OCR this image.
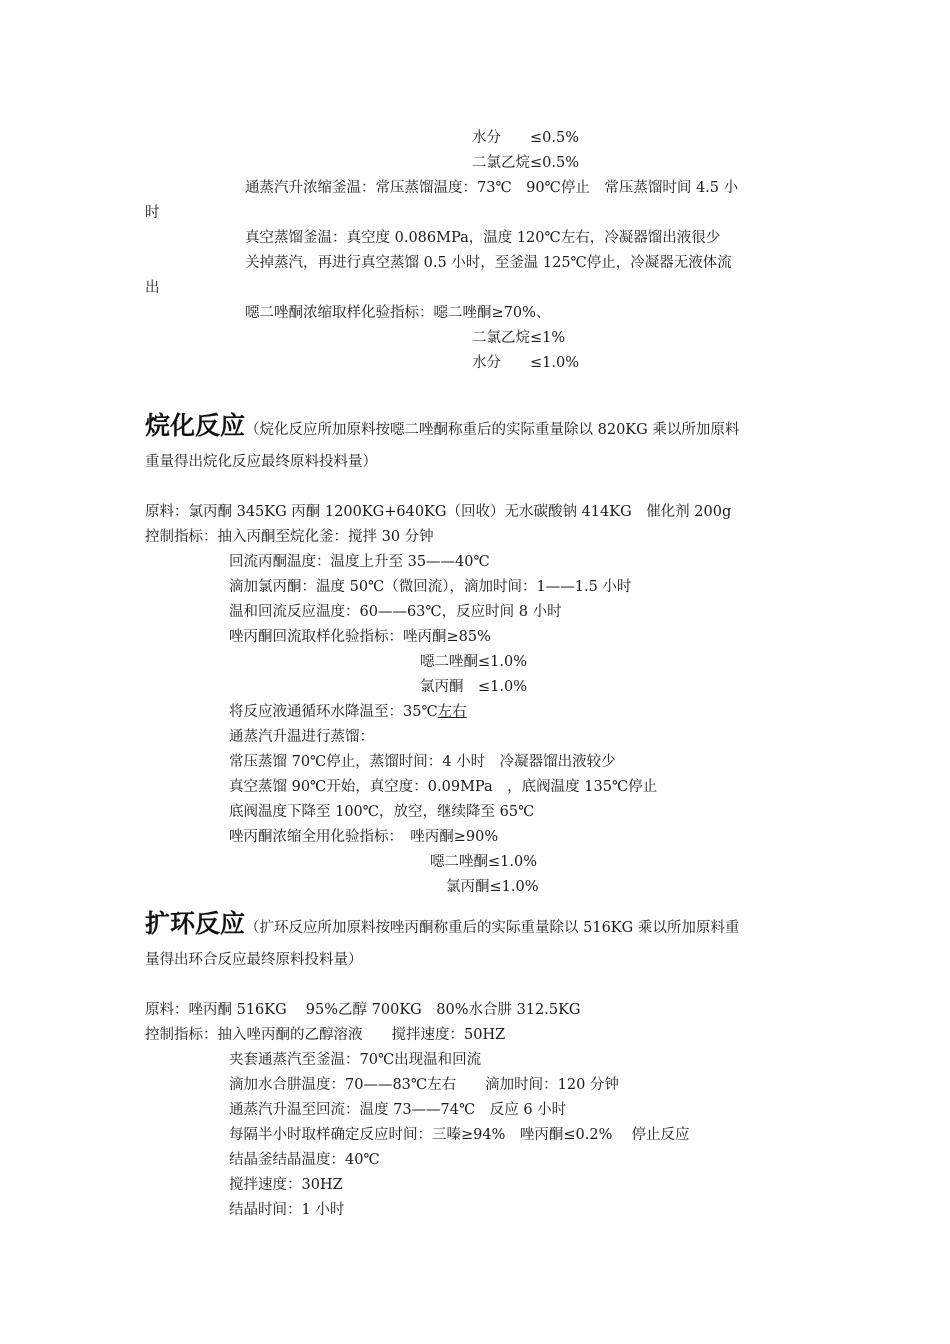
水分　　≤0.5%
二氯乙烷≤0.5%
通蒸汽升浓缩釜温：常压蒸馏温度：73℃　90℃停止　常压蒸馏时间 4.5 小
时
真空蒸馏釜温：真空度 0.086MPa，温度 120℃左右，冷凝器馏出液很少
关掉蒸汽，再进行真空蒸馏 0.5 小时，至釜温 125℃停止，冷凝器无液体流
出
噁二唑酮浓缩取样化验指标：噁二唑酮≥70%、
二氯乙烷≤1%
水分　　≤1.0%
烷化反应（烷化反应所加原料按噁二唑酮称重后的实际重量除以 820KG 乘以所加原料
重量得出烷化反应最终原料投料量）
原料：氯丙酮 345KG 丙酮 1200KG+640KG（回收）无水碳酸钠 414KG　催化剂 200g
控制指标：抽入丙酮至烷化釜：搅拌 30 分钟
回流丙酮温度：温度上升至 35——40℃
滴加氯丙酮：温度 50℃（微回流），滴加时间：1——1.5 小时
温和回流反应温度：60——63℃，反应时间 8 小时
唑丙酮回流取样化验指标：唑丙酮≥85%
噁二唑酮≤1.0%
氯丙酮　≤1.0%
将反应液通循环水降温至：35℃左右
通蒸汽升温进行蒸馏：
常压蒸馏 70℃停止，蒸馏时间：4 小时　冷凝器馏出液较少
真空蒸馏 90℃开始，真空度：0.09MPa　，底阀温度 135℃停止
底阀温度下降至 100℃，放空，继续降至 65℃
唑丙酮浓缩全用化验指标：　唑丙酮≥90%
噁二唑酮≤1.0%
氯丙酮≤1.0%
扩环反应（扩环反应所加原料按唑丙酮称重后的实际重量除以 516KG 乘以所加原料重
量得出环合反应最终原料投料量）
原料：唑丙酮 516KG　 95%乙醇 700KG　80%水合肼 312.5KG
控制指标：抽入唑丙酮的乙醇溶液　　搅拌速度：50HZ
夹套通蒸汽至釜温：70℃出现温和回流
滴加水合肼温度：70——83℃左右　　滴加时间：120 分钟
通蒸汽升温至回流：温度 73——74℃　反应 6 小时
每隔半小时取样确定反应时间：三嗪≥94%　唑丙酮≤0.2%　 停止反应
结晶釜结晶温度：40℃
搅拌速度：30HZ
结晶时间：1 小时
